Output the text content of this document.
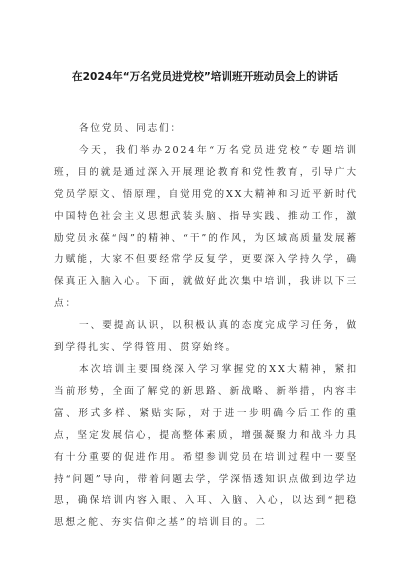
在2024年“万名党员进党校”培训班开班动员会上的讲话

各位党员、同志们：

今天，我们举办2024年“万名党员进党校”专题培训班，目的就是通过深入开展理论教育和党性教育，引导广大党员学原文、悟原理，自觉用党的XX大精神和习近平新时代中国特色社会主义思想武装头脑、指导实践、推动工作，激励党员永葆“闯”的精神、“干”的作风，为区域高质量发展蓄力赋能，大家不但要经常学反复学，更要深入学持久学，确保真正入脑入心。下面，就做好此次集中培训，我讲以下三点：

一、要提高认识，以积极认真的态度完成学习任务，做到学得扎实、学得管用、贯穿始终。

本次培训主要围绕深入学习掌握党的XX大精神，紧扣当前形势，全面了解党的新思路、新战略、新举措，内容丰富、形式多样、紧贴实际，对于进一步明确今后工作的重点，坚定发展信心，提高整体素质，增强凝聚力和战斗力具有十分重要的促进作用。希望参训党员在培训过程中一要坚持“问题”导向，带着问题去学，学深悟透知识点做到边学边思，确保培训内容入眼、入耳、入脑、入心，以达到“把稳思想之舵、夯实信仰之基”的培训目的。二
